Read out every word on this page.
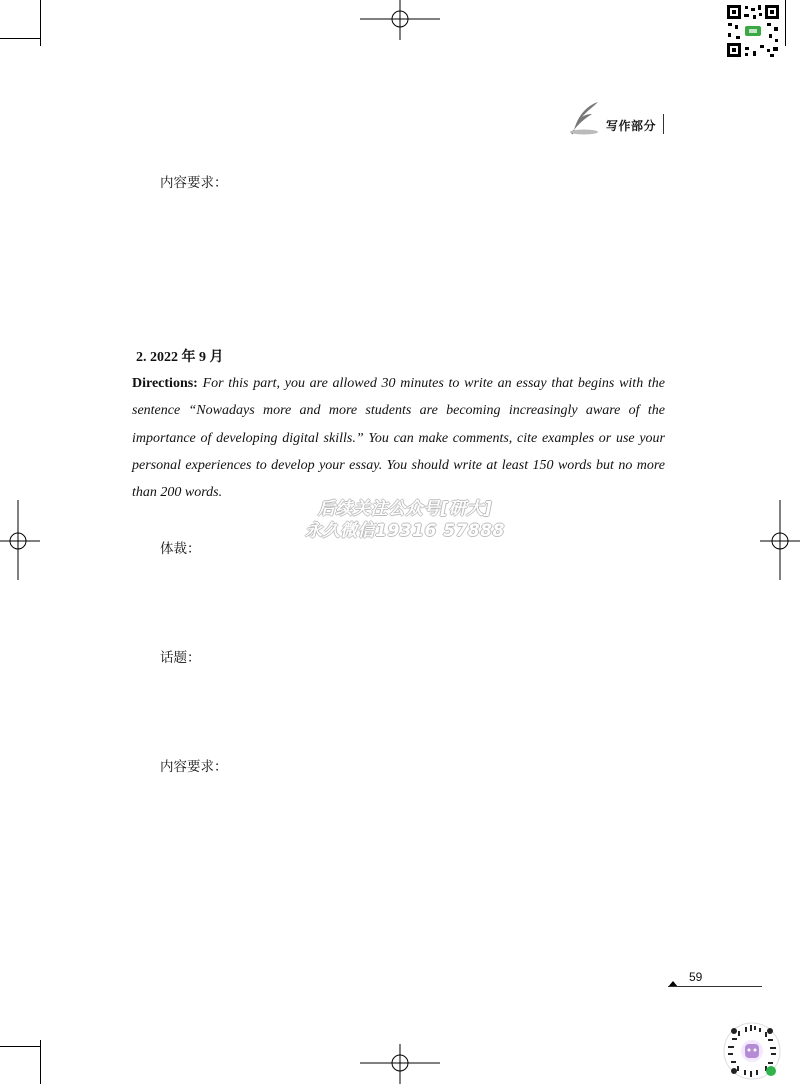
写作部分
内容要求：
2. 2022 年 9 月
Directions: For this part, you are allowed 30 minutes to write an essay that begins with the sentence “Nowadays more and more students are becoming increasingly aware of the importance of developing digital skills.” You can make comments, cite examples or use your personal experiences to develop your essay. You should write at least 150 words but no more than 200 words.
后续关注公众号[研大]
永久微信19316 57888
体裁：
话题：
内容要求：
59
